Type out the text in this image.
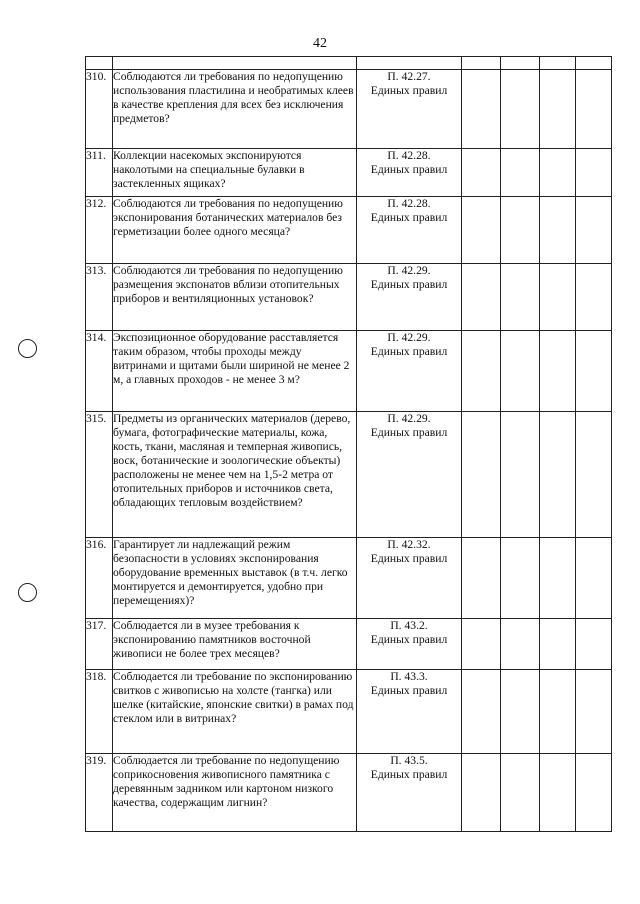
42

310.	Соблюдаются ли требования по недопущению использования пластилина и необратимых клеев в качестве крепления для всех без исключения предметов?	П. 42.27.
Единых правил				

311.	Коллекции насекомых экспонируются наколотыми на специальные булавки в застекленных ящиках?	П. 42.28.
Единых правил				

312.	Соблюдаются ли требования по недопущению экспонирования ботанических материалов без герметизации более одного месяца?	П. 42.28.
Единых правил				

313.	Соблюдаются ли требования по недопущению размещения экспонатов вблизи отопительных приборов и вентиляционных установок?	П. 42.29.
Единых правил				

314.	Экспозиционное оборудование расставляется таким образом, чтобы проходы между витринами и щитами были шириной не менее 2 м, а главных проходов - не менее 3 м?	П. 42.29.
Единых правил				

315.	Предметы из органических материалов (дерево, бумага, фотографические материалы, кожа, кость, ткани, масляная и темперная живопись, воск, ботанические и зоологические объекты) расположены не менее чем на 1,5-2 метра от отопительных приборов и источников света, обладающих тепловым воздействием?	П. 42.29.
Единых правил				

316.	Гарантирует ли надлежащий режим безопасности в условиях экспонирования оборудование временных выставок (в т.ч. легко монтируется и демонтируется, удобно при перемещениях)?	П. 42.32.
Единых правил				

317.	Соблюдается ли в музее требования к экспонированию памятников восточной живописи не более трех месяцев?	П. 43.2.
Единых правил				

318.	Соблюдается ли требование по экспонированию свитков с живописью на холсте (тангка) или шелке (китайские, японские свитки) в рамах под стеклом или в витринах?	П. 43.3.
Единых правил				

319.	Соблюдается ли требование по недопущению соприкосновения живописного памятника с деревянным задником или картоном низкого качества, содержащим лигнин?	П. 43.5.
Единых правил				
